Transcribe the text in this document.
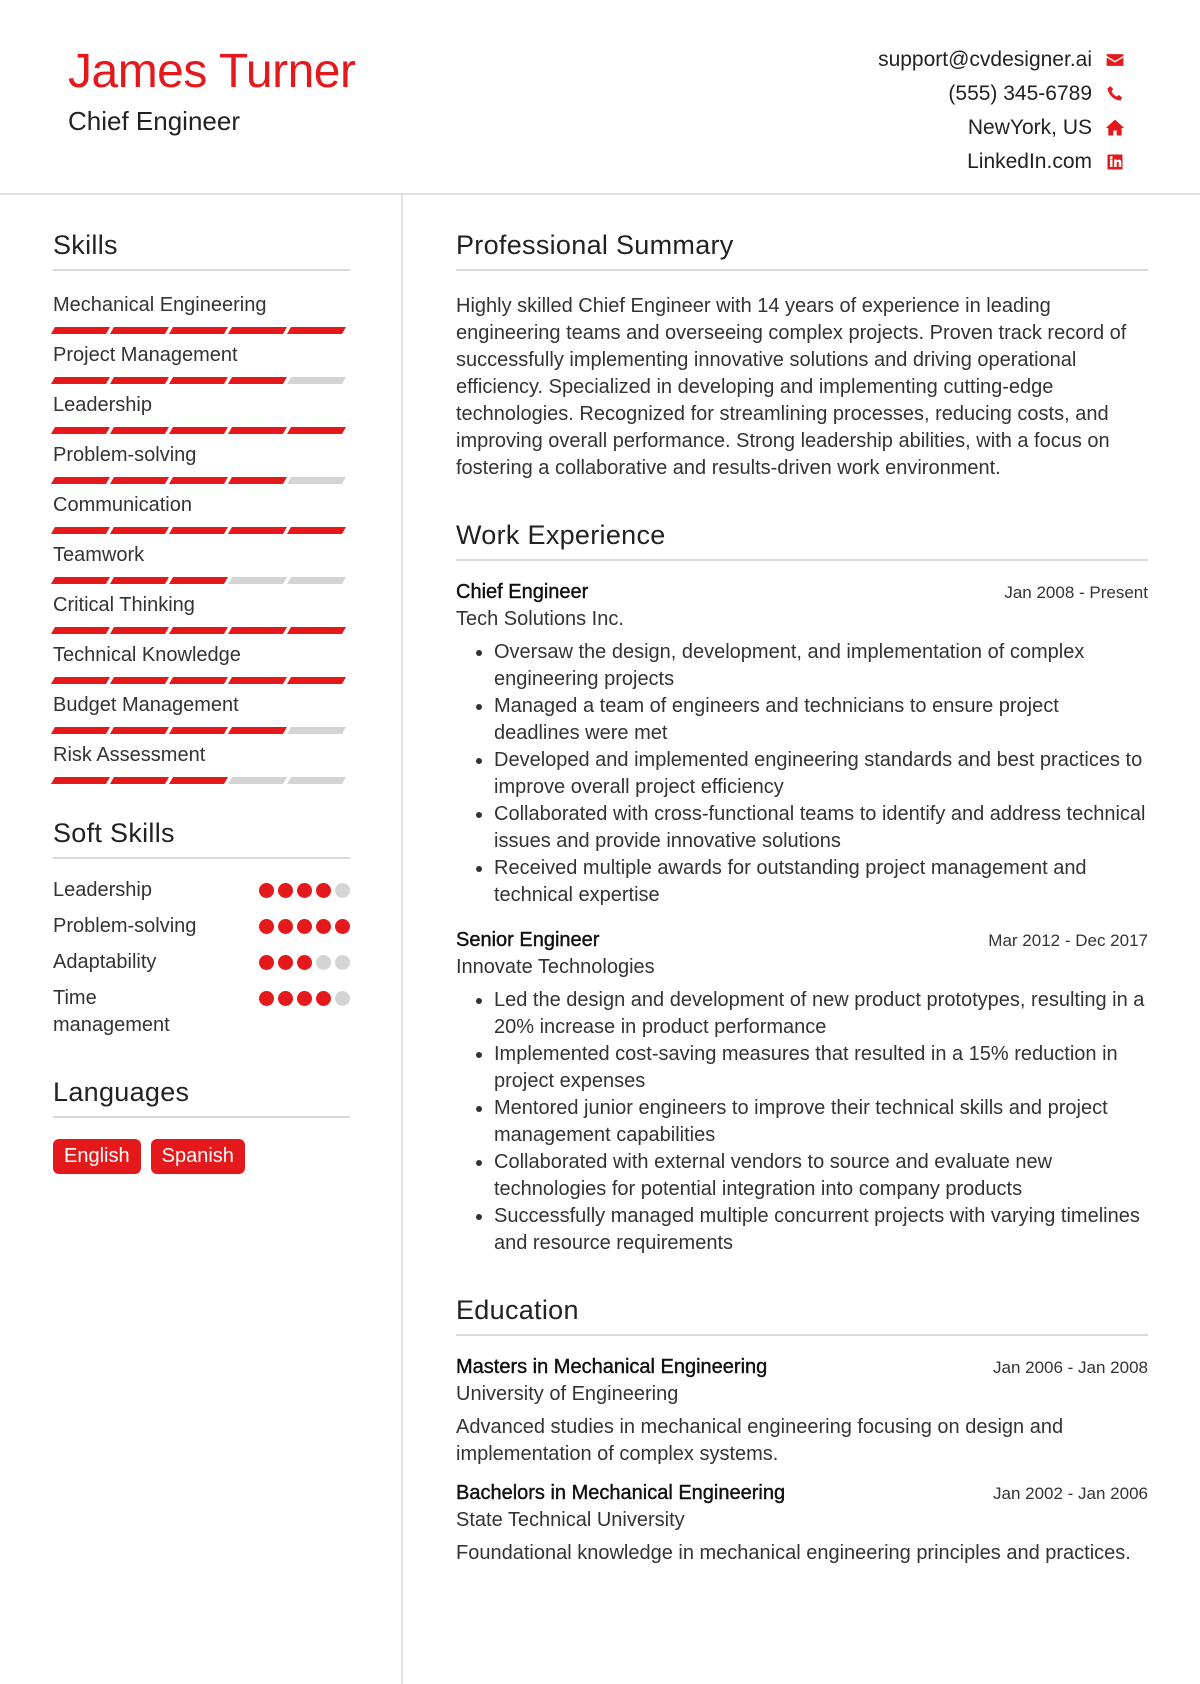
James Turner
Chief Engineer
support@cvdesigner.ai
(555) 345-6789
NewYork, US
LinkedIn.com
Skills
Mechanical Engineering
Project Management
Leadership
Problem-solving
Communication
Teamwork
Critical Thinking
Technical Knowledge
Budget Management
Risk Assessment
Soft Skills
Leadership
Problem-solving
Adaptability
Time management
Languages
English	Spanish
Professional Summary

Highly skilled Chief Engineer with 14 years of experience in leading engineering teams and overseeing complex projects. Proven track record of successfully implementing innovative solutions and driving operational efficiency. Specialized in developing and implementing cutting-edge technologies. Recognized for streamlining processes, reducing costs, and improving overall performance. Strong leadership abilities, with a focus on fostering a collaborative and results-driven work environment.

Work Experience
Chief Engineer	Jan 2008 - Present
Tech Solutions Inc.
• Oversaw the design, development, and implementation of complex engineering projects
• Managed a team of engineers and technicians to ensure project deadlines were met
• Developed and implemented engineering standards and best practices to improve overall project efficiency
• Collaborated with cross-functional teams to identify and address technical issues and provide innovative solutions
• Received multiple awards for outstanding project management and technical expertise
Senior Engineer	Mar 2012 - Dec 2017
Innovate Technologies
• Led the design and development of new product prototypes, resulting in a 20% increase in product performance
• Implemented cost-saving measures that resulted in a 15% reduction in project expenses
• Mentored junior engineers to improve their technical skills and project management capabilities
• Collaborated with external vendors to source and evaluate new technologies for potential integration into company products
• Successfully managed multiple concurrent projects with varying timelines and resource requirements
Education
Masters in Mechanical Engineering	Jan 2006 - Jan 2008
University of Engineering

Advanced studies in mechanical engineering focusing on design and implementation of complex systems.

Bachelors in Mechanical Engineering	Jan 2002 - Jan 2006
State Technical University

Foundational knowledge in mechanical engineering principles and practices.
